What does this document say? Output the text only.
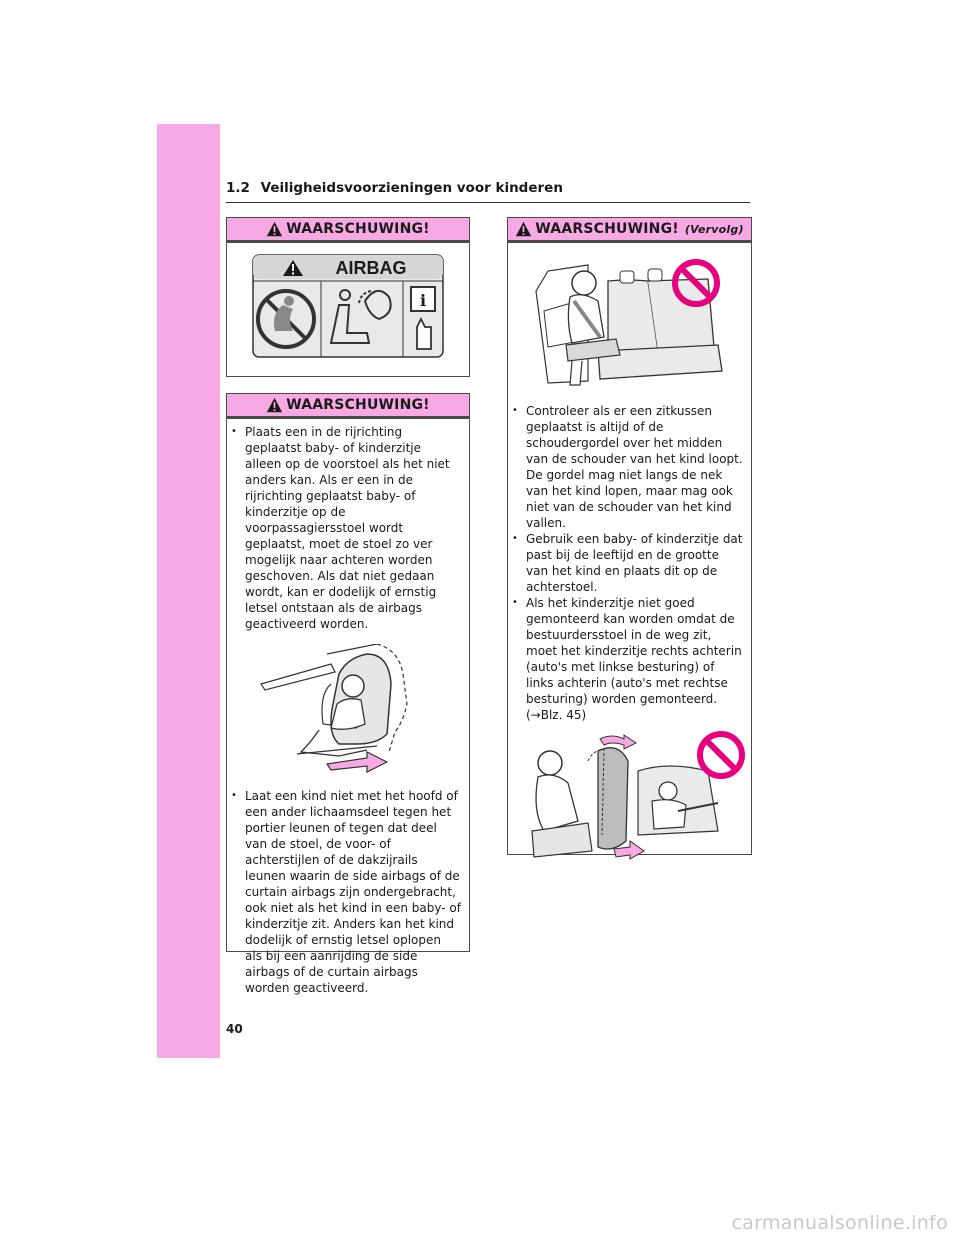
1.2 Veiligheidsvoorzieningen voor kinderen
WAARSCHUWING!
AIRBAG
i
WAARSCHUWING!
• Plaats een in de rijrichting geplaatst baby- of kinderzitje alleen op de voorstoel als het niet anders kan. Als er een in de rijrichting geplaatst baby- of kinderzitje op de voorpassagiersstoel wordt geplaatst, moet de stoel zo ver mogelijk naar achteren worden geschoven. Als dat niet gedaan wordt, kan er dodelijk of ernstig letsel ontstaan als de airbags geactiveerd worden.
• Laat een kind niet met het hoofd of een ander lichaamsdeel tegen het portier leunen of tegen dat deel van de stoel, de voor- of achterstijlen of de dakzijrails leunen waarin de side airbags of de curtain airbags zijn ondergebracht, ook niet als het kind in een baby- of kinderzitje zit. Anders kan het kind dodelijk of ernstig letsel oplopen als bij een aanrijding de side airbags of de curtain airbags worden geactiveerd.
WAARSCHUWING! (Vervolg)
• Controleer als er een zitkussen geplaatst is altijd of de schoudergordel over het midden van de schouder van het kind loopt. De gordel mag niet langs de nek van het kind lopen, maar mag ook niet van de schouder van het kind vallen.
• Gebruik een baby- of kinderzitje dat past bij de leeftijd en de grootte van het kind en plaats dit op de achterstoel.
• Als het kinderzitje niet goed gemonteerd kan worden omdat de bestuurdersstoel in de weg zit, moet het kinderzitje rechts achterin (auto's met linkse besturing) of links achterin (auto's met rechtse besturing) worden gemonteerd. (→Blz. 45)
40
carmanualsonline.info
